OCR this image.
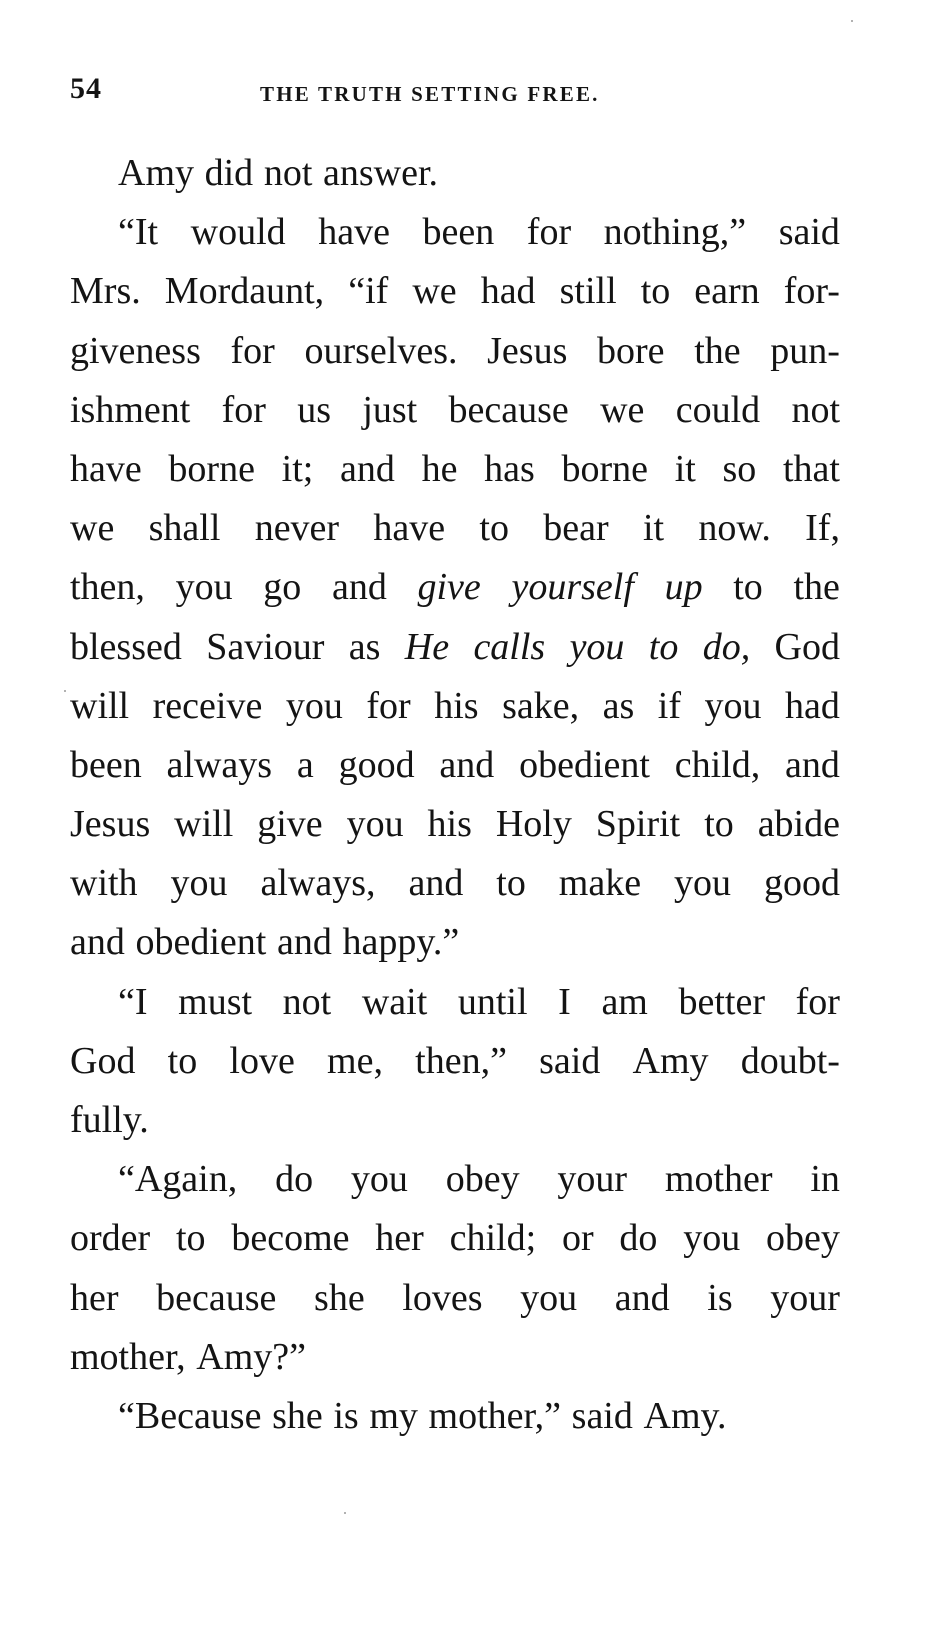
54	THE TRUTH SETTING FREE.
Amy did not answer.
“It would have been for nothing,” said
Mrs. Mordaunt, “if we had still to earn for-
giveness for ourselves. Jesus bore the pun-
ishment for us just because we could not
have borne it; and he has borne it so that
we shall never have to bear it now. If,
then, you go and give yourself up to the
blessed Saviour as He calls you to do, God
will receive you for his sake, as if you had
been always a good and obedient child, and
Jesus will give you his Holy Spirit to abide
with you always, and to make you good
and obedient and happy.”
“I must not wait until I am better for
God to love me, then,” said Amy doubt-
fully.
“Again, do you obey your mother in
order to become her child; or do you obey
her because she loves you and is your
mother, Amy?”
“Because she is my mother,” said Amy.
